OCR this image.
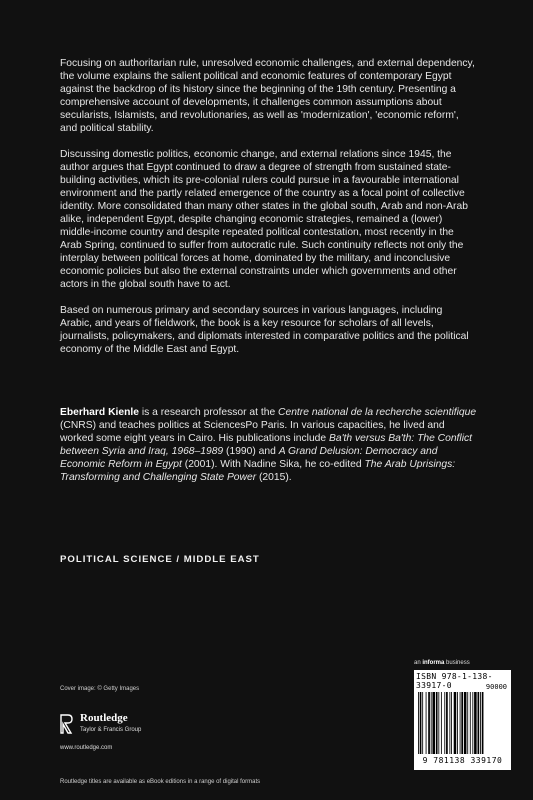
Focusing on authoritarian rule, unresolved economic challenges, and external dependency, the volume explains the salient political and economic features of contemporary Egypt against the backdrop of its history since the beginning of the 19th century. Presenting a comprehensive account of developments, it challenges common assumptions about secularists, Islamists, and revolutionaries, as well as 'modernization', 'economic reform', and political stability.

Discussing domestic politics, economic change, and external relations since 1945, the author argues that Egypt continued to draw a degree of strength from sustained state-building activities, which its pre-colonial rulers could pursue in a favourable international environment and the partly related emergence of the country as a focal point of collective identity. More consolidated than many other states in the global south, Arab and non-Arab alike, independent Egypt, despite changing economic strategies, remained a (lower) middle-income country and despite repeated political contestation, most recently in the Arab Spring, continued to suffer from autocratic rule. Such continuity reflects not only the interplay between political forces at home, dominated by the military, and inconclusive economic policies but also the external constraints under which governments and other actors in the global south have to act.

Based on numerous primary and secondary sources in various languages, including Arabic, and years of fieldwork, the book is a key resource for scholars of all levels, journalists, policymakers, and diplomats interested in comparative politics and the political economy of the Middle East and Egypt.

Eberhard Kienle is a research professor at the Centre national de la recherche scientifique (CNRS) and teaches politics at SciencesPo Paris. In various capacities, he lived and worked some eight years in Cairo. His publications include Ba'th versus Ba'th: The Conflict between Syria and Iraq, 1968–1989 (1990) and A Grand Delusion: Democracy and Economic Reform in Egypt (2001). With Nadine Sika, he co-edited The Arab Uprisings: Transforming and Challenging State Power (2015).
POLITICAL SCIENCE / MIDDLE EAST
an informa business
ISBN 978-1-138-33917-0	90000
9 781138 339170
Cover image: © Getty Images
Routledge
Taylor & Francis Group
www.routledge.com
Routledge titles are available as eBook editions in a range of digital formats
